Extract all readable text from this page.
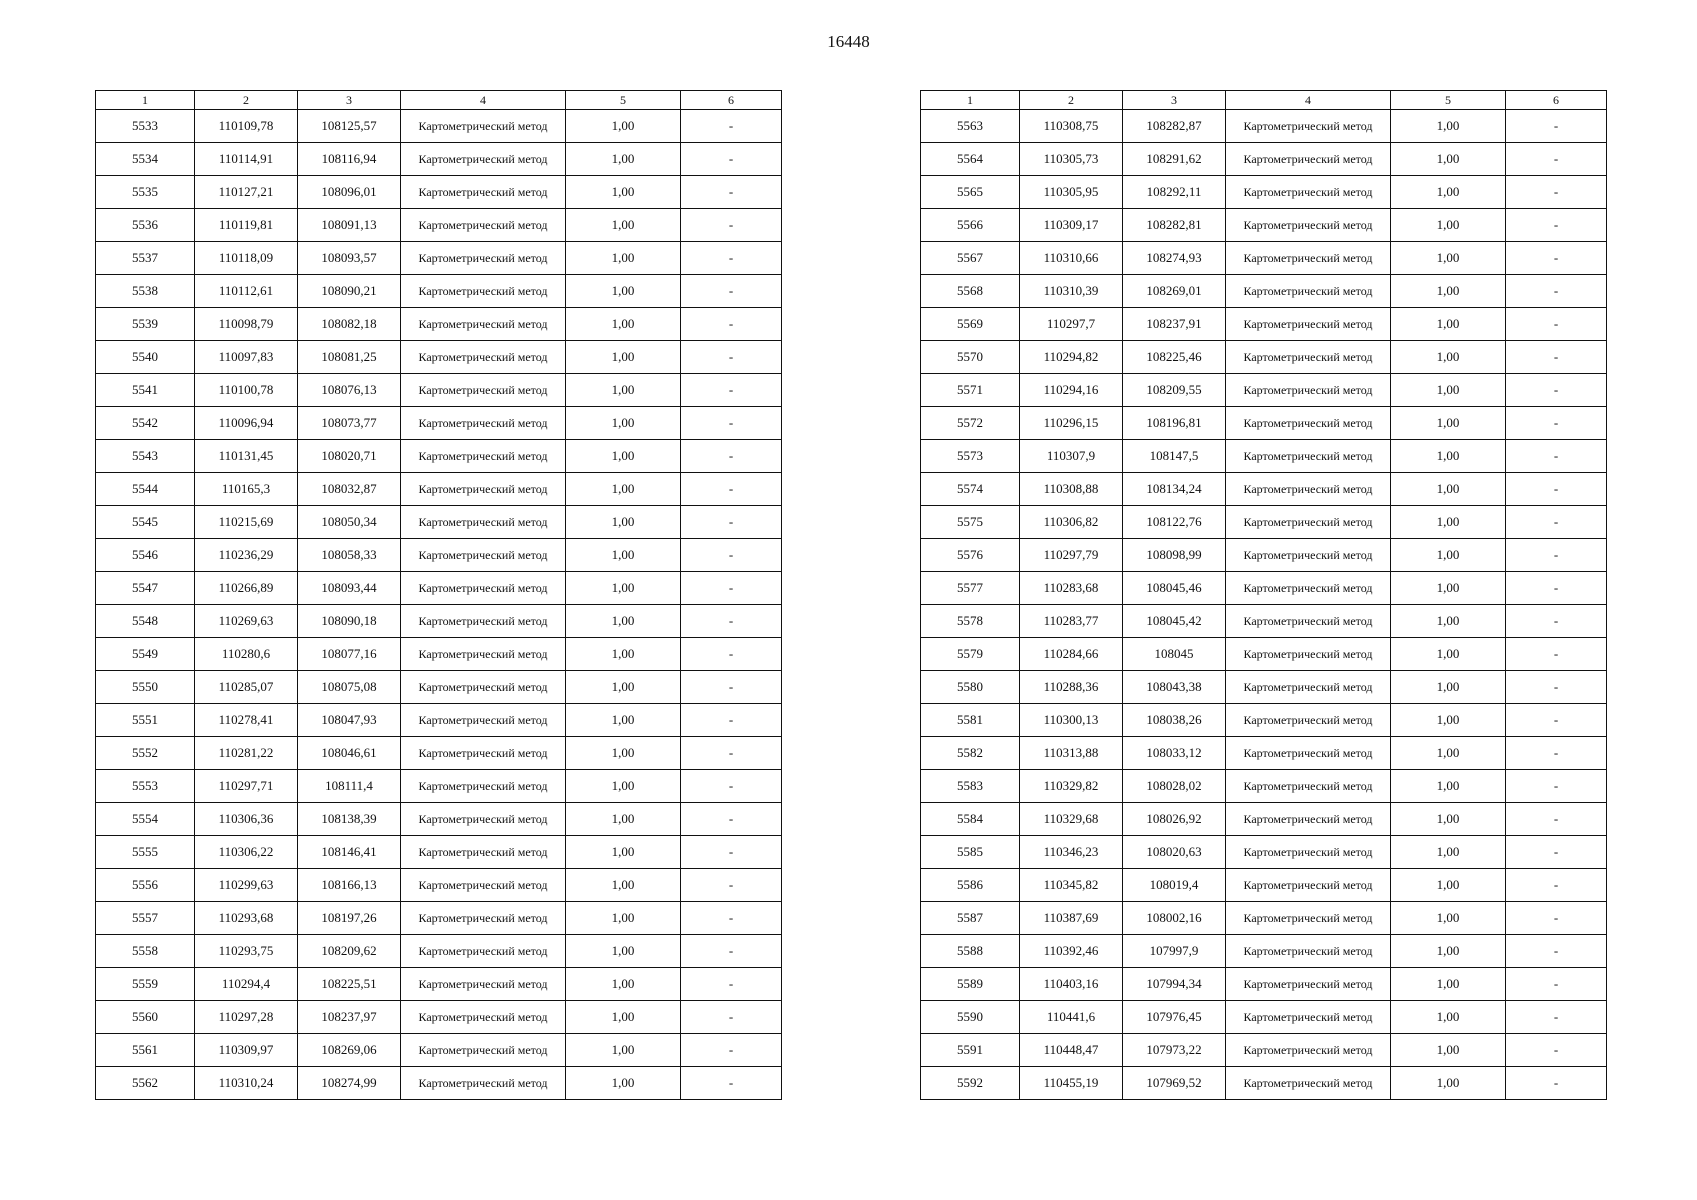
16448
1	2	3	4	5	6
5533	110109,78	108125,57	Картометрический метод	1,00	-
5534	110114,91	108116,94	Картометрический метод	1,00	-
5535	110127,21	108096,01	Картометрический метод	1,00	-
5536	110119,81	108091,13	Картометрический метод	1,00	-
5537	110118,09	108093,57	Картометрический метод	1,00	-
5538	110112,61	108090,21	Картометрический метод	1,00	-
5539	110098,79	108082,18	Картометрический метод	1,00	-
5540	110097,83	108081,25	Картометрический метод	1,00	-
5541	110100,78	108076,13	Картометрический метод	1,00	-
5542	110096,94	108073,77	Картометрический метод	1,00	-
5543	110131,45	108020,71	Картометрический метод	1,00	-
5544	110165,3	108032,87	Картометрический метод	1,00	-
5545	110215,69	108050,34	Картометрический метод	1,00	-
5546	110236,29	108058,33	Картометрический метод	1,00	-
5547	110266,89	108093,44	Картометрический метод	1,00	-
5548	110269,63	108090,18	Картометрический метод	1,00	-
5549	110280,6	108077,16	Картометрический метод	1,00	-
5550	110285,07	108075,08	Картометрический метод	1,00	-
5551	110278,41	108047,93	Картометрический метод	1,00	-
5552	110281,22	108046,61	Картометрический метод	1,00	-
5553	110297,71	108111,4	Картометрический метод	1,00	-
5554	110306,36	108138,39	Картометрический метод	1,00	-
5555	110306,22	108146,41	Картометрический метод	1,00	-
5556	110299,63	108166,13	Картометрический метод	1,00	-
5557	110293,68	108197,26	Картометрический метод	1,00	-
5558	110293,75	108209,62	Картометрический метод	1,00	-
5559	110294,4	108225,51	Картометрический метод	1,00	-
5560	110297,28	108237,97	Картометрический метод	1,00	-
5561	110309,97	108269,06	Картометрический метод	1,00	-
5562	110310,24	108274,99	Картометрический метод	1,00	-
1	2	3	4	5	6
5563	110308,75	108282,87	Картометрический метод	1,00	-
5564	110305,73	108291,62	Картометрический метод	1,00	-
5565	110305,95	108292,11	Картометрический метод	1,00	-
5566	110309,17	108282,81	Картометрический метод	1,00	-
5567	110310,66	108274,93	Картометрический метод	1,00	-
5568	110310,39	108269,01	Картометрический метод	1,00	-
5569	110297,7	108237,91	Картометрический метод	1,00	-
5570	110294,82	108225,46	Картометрический метод	1,00	-
5571	110294,16	108209,55	Картометрический метод	1,00	-
5572	110296,15	108196,81	Картометрический метод	1,00	-
5573	110307,9	108147,5	Картометрический метод	1,00	-
5574	110308,88	108134,24	Картометрический метод	1,00	-
5575	110306,82	108122,76	Картометрический метод	1,00	-
5576	110297,79	108098,99	Картометрический метод	1,00	-
5577	110283,68	108045,46	Картометрический метод	1,00	-
5578	110283,77	108045,42	Картометрический метод	1,00	-
5579	110284,66	108045	Картометрический метод	1,00	-
5580	110288,36	108043,38	Картометрический метод	1,00	-
5581	110300,13	108038,26	Картометрический метод	1,00	-
5582	110313,88	108033,12	Картометрический метод	1,00	-
5583	110329,82	108028,02	Картометрический метод	1,00	-
5584	110329,68	108026,92	Картометрический метод	1,00	-
5585	110346,23	108020,63	Картометрический метод	1,00	-
5586	110345,82	108019,4	Картометрический метод	1,00	-
5587	110387,69	108002,16	Картометрический метод	1,00	-
5588	110392,46	107997,9	Картометрический метод	1,00	-
5589	110403,16	107994,34	Картометрический метод	1,00	-
5590	110441,6	107976,45	Картометрический метод	1,00	-
5591	110448,47	107973,22	Картометрический метод	1,00	-
5592	110455,19	107969,52	Картометрический метод	1,00	-
